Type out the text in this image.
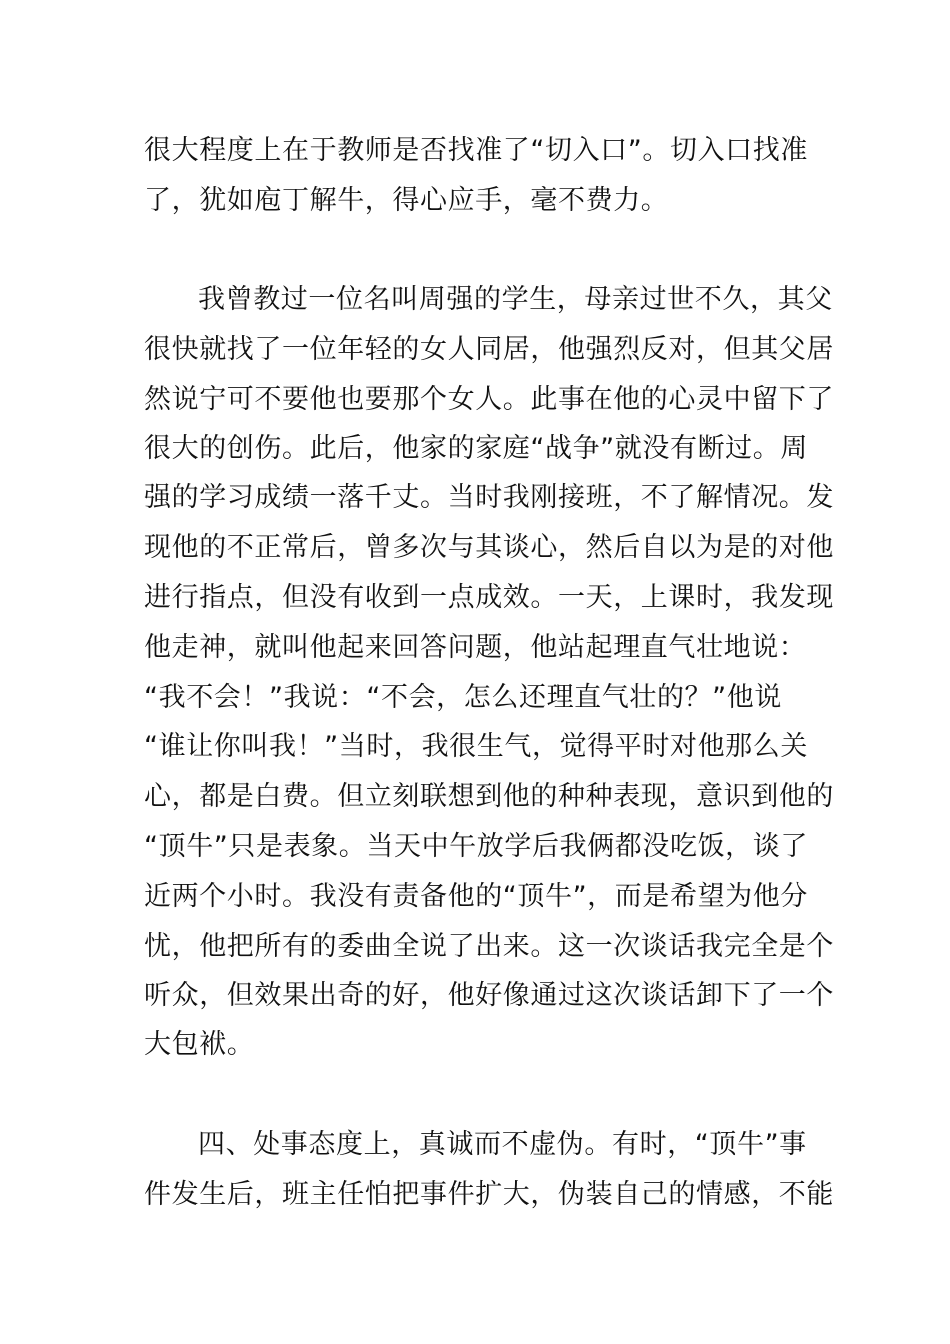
很大程度上在于教师是否找准了“切入口”。切入口找准
了，犹如庖丁解牛，得心应手，毫不费力。
我曾教过一位名叫周强的学生，母亲过世不久，其父
很快就找了一位年轻的女人同居，他强烈反对，但其父居
然说宁可不要他也要那个女人。此事在他的心灵中留下了
很大的创伤。此后，他家的家庭“战争”就没有断过。周
强的学习成绩一落千丈。当时我刚接班，不了解情况。发
现他的不正常后，曾多次与其谈心，然后自以为是的对他
进行指点，但没有收到一点成效。一天，上课时，我发现
他走神，就叫他起来回答问题，他站起理直气壮地说：
“我不会！”我说：“不会，怎么还理直气壮的？”他说
“谁让你叫我！”当时，我很生气，觉得平时对他那么关
心，都是白费。但立刻联想到他的种种表现，意识到他的
“顶牛”只是表象。当天中午放学后我俩都没吃饭，谈了
近两个小时。我没有责备他的“顶牛”，而是希望为他分
忧，他把所有的委曲全说了出来。这一次谈话我完全是个
听众，但效果出奇的好，他好像通过这次谈话卸下了一个
大包袱。
四、处事态度上，真诚而不虚伪。有时，“顶牛”事
件发生后，班主任怕把事件扩大，伪装自己的情感，不能
